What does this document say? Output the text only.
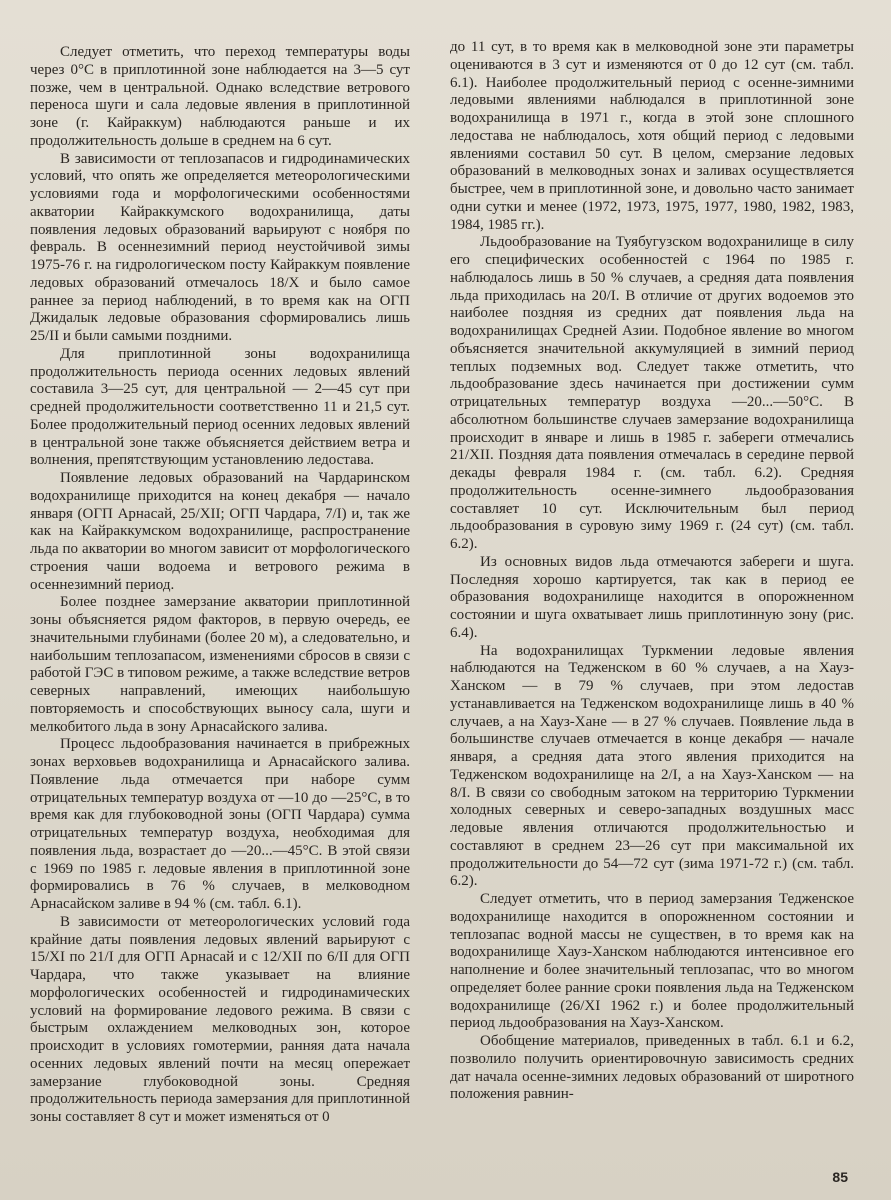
Следует отметить, что переход температуры воды через 0°С в приплотинной зоне наблюдается на 3—5 сут позже, чем в центральной. Однако вследствие ветрового переноса шуги и сала ледовые явления в приплотинной зоне (г. Кайраккум) наблюдаются раньше и их продолжительность дольше в среднем на 6 сут.

В зависимости от теплозапасов и гидродинамических условий, что опять же определяется метеорологическими условиями года и морфологическими особенностями акватории Кайраккумского водохранилища, даты появления ледовых образований варьируют с ноября по февраль. В осеннезимний период неустойчивой зимы 1975-76 г. на гидрологическом посту Кайраккум появление ледовых образований отмечалось 18/X и было самое раннее за период наблюдений, в то время как на ОГП Джидалык ледовые образования сформировались лишь 25/II и были самыми поздними.

Для приплотинной зоны водохранилища продолжительность периода осенних ледовых явлений составила 3—25 сут, для центральной — 2—45 сут при средней продолжительности соответственно 11 и 21,5 сут. Более продолжительный период осенних ледовых явлений в центральной зоне также объясняется действием ветра и волнения, препятствующим установлению ледостава.

Появление ледовых образований на Чардаринском водохранилище приходится на конец декабря — начало января (ОГП Арнасай, 25/XII; ОГП Чардара, 7/I) и, так же как на Кайраккумском водохранилище, распространение льда по акватории во многом зависит от морфологического строения чаши водоема и ветрового режима в осеннезимний период.

Более позднее замерзание акватории приплотинной зоны объясняется рядом факторов, в первую очередь, ее значительными глубинами (более 20 м), а следовательно, и наибольшим теплозапасом, изменениями сбросов в связи с работой ГЭС в типовом режиме, а также вследствие ветров северных направлений, имеющих наибольшую повторяемость и способствующих выносу сала, шуги и мелкобитого льда в зону Арнасайского залива.

Процесс льдообразования начинается в прибрежных зонах верховьев водохранилища и Арнасайского залива. Появление льда отмечается при наборе сумм отрицательных температур воздуха от —10 до —25°С, в то время как для глубоководной зоны (ОГП Чардара) сумма отрицательных температур воздуха, необходимая для появления льда, возрастает до —20...—45°С. В этой связи с 1969 по 1985 г. ледовые явления в приплотинной зоне формировались в 76 % случаев, в мелководном Арнасайском заливе в 94 % (см. табл. 6.1).

В зависимости от метеорологических условий года крайние даты появления ледовых явлений варьируют с 15/XI по 21/I для ОГП Арнасай и с 12/XII по 6/II для ОГП Чардара, что также указывает на влияние морфологических особенностей и гидродинамических условий на формирование ледового режима. В связи с быстрым охлаждением мелководных зон, которое происходит в условиях гомотермии, ранняя дата начала осенних ледовых явлений почти на месяц опережает замерзание глубоководной зоны. Средняя продолжительность периода замерзания для приплотинной зоны составляет 8 сут и может изменяться от 0

до 11 сут, в то время как в мелководной зоне эти параметры оцениваются в 3 сут и изменяются от 0 до 12 сут (см. табл. 6.1). Наиболее продолжительный период с осенне-зимними ледовыми явлениями наблюдался в приплотинной зоне водохранилища в 1971 г., когда в этой зоне сплошного ледостава не наблюдалось, хотя общий период с ледовыми явлениями составил 50 сут. В целом, смерзание ледовых образований в мелководных зонах и заливах осуществляется быстрее, чем в приплотинной зоне, и довольно часто занимает одни сутки и менее (1972, 1973, 1975, 1977, 1980, 1982, 1983, 1984, 1985 гг.).

Льдообразование на Туябугузском водохранилище в силу его специфических особенностей с 1964 по 1985 г. наблюдалось лишь в 50 % случаев, а средняя дата появления льда приходилась на 20/I. В отличие от других водоемов это наиболее поздняя из средних дат появления льда на водохранилищах Средней Азии. Подобное явление во многом объясняется значительной аккумуляцией в зимний период теплых подземных вод. Следует также отметить, что льдообразование здесь начинается при достижении сумм отрицательных температур воздуха —20...—50°С. В абсолютном большинстве случаев замерзание водохранилища происходит в январе и лишь в 1985 г. забереги отмечались 21/XII. Поздняя дата появления отмечалась в середине первой декады февраля 1984 г. (см. табл. 6.2). Средняя продолжительность осенне-зимнего льдообразования составляет 10 сут. Исключительным был период льдообразования в суровую зиму 1969 г. (24 сут) (см. табл. 6.2).

Из основных видов льда отмечаются забереги и шуга. Последняя хорошо картируется, так как в период ее образования водохранилище находится в опорожненном состоянии и шуга охватывает лишь приплотинную зону (рис. 6.4).

На водохранилищах Туркмении ледовые явления наблюдаются на Тедженском в 60 % случаев, а на Хауз-Ханском — в 79 % случаев, при этом ледостав устанавливается на Тедженском водохранилище лишь в 40 % случаев, а на Хауз-Хане — в 27 % случаев. Появление льда в большинстве случаев отмечается в конце декабря — начале января, а средняя дата этого явления приходится на Тедженском водохранилище на 2/I, а на Хауз-Ханском — на 8/I. В связи со свободным затоком на территорию Туркмении холодных северных и северо-западных воздушных масс ледовые явления отличаются продолжительностью и составляют в среднем 23—26 сут при максимальной их продолжительности до 54—72 сут (зима 1971-72 г.) (см. табл. 6.2).

Следует отметить, что в период замерзания Тедженское водохранилище находится в опорожненном состоянии и теплозапас водной массы не существен, в то время как на водохранилище Хауз-Ханском наблюдаются интенсивное его наполнение и более значительный теплозапас, что во многом определяет более ранние сроки появления льда на Тедженском водохранилище (26/XI 1962 г.) и более продолжительный период льдообразования на Хауз-Ханском.

Обобщение материалов, приведенных в табл. 6.1 и 6.2, позволило получить ориентировочную зависимость средних дат начала осенне-зимних ледовых образований от широтного положения равнин-

85
